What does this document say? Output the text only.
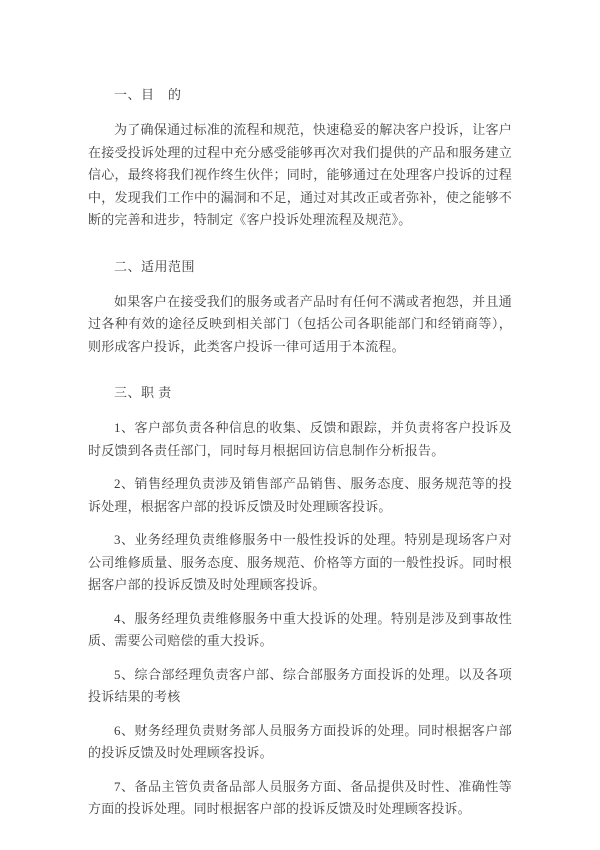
一、目　的

为了确保通过标准的流程和规范，快速稳妥的解决客户投诉，让客户在接受投诉处理的过程中充分感受能够再次对我们提供的产品和服务建立信心，最终将我们视作终生伙伴；同时，能够通过在处理客户投诉的过程中，发现我们工作中的漏洞和不足，通过对其改正或者弥补，使之能够不断的完善和进步，特制定《客户投诉处理流程及规范》。

二、适用范围

如果客户在接受我们的服务或者产品时有任何不满或者抱怨，并且通过各种有效的途径反映到相关部门（包括公司各职能部门和经销商等），则形成客户投诉，此类客户投诉一律可适用于本流程。

三、职 责

1、客户部负责各种信息的收集、反馈和跟踪，并负责将客户投诉及时反馈到各责任部门，同时每月根据回访信息制作分析报告。

2、销售经理负责涉及销售部产品销售、服务态度、服务规范等的投诉处理，根据客户部的投诉反馈及时处理顾客投诉。

3、业务经理负责维修服务中一般性投诉的处理。特别是现场客户对公司维修质量、服务态度、服务规范、价格等方面的一般性投诉。同时根据客户部的投诉反馈及时处理顾客投诉。

4、服务经理负责维修服务中重大投诉的处理。特别是涉及到事故性质、需要公司赔偿的重大投诉。

5、综合部经理负责客户部、综合部服务方面投诉的处理。以及各项投诉结果的考核

6、财务经理负责财务部人员服务方面投诉的处理。同时根据客户部的投诉反馈及时处理顾客投诉。

7、备品主管负责备品部人员服务方面、备品提供及时性、准确性等方面的投诉处理。同时根据客户部的投诉反馈及时处理顾客投诉。
